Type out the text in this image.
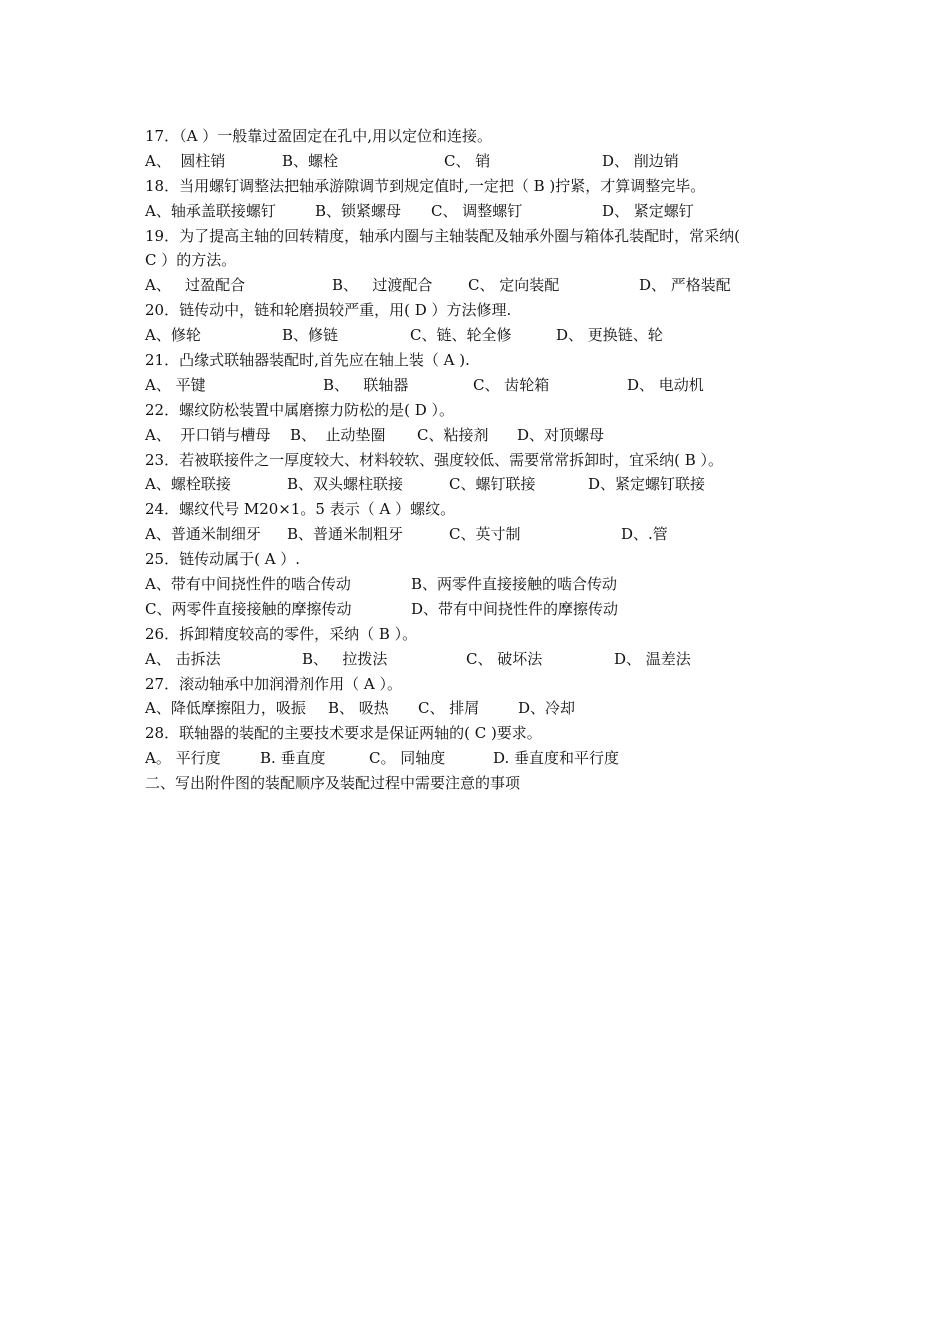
17．（A ）一般靠过盈固定在孔中,用以定位和连接。

A、  圆柱销

	B、螺栓

	C、 销

	D、 削边销

18．当用螺钉调整法把轴承游隙调节到规定值时,一定把（ B )拧紧，才算调整完毕。

A、轴承盖联接螺钉

	B、锁紧螺母

C、 调整螺钉

	D、 紧定螺钉

19．为了提高主轴的回转精度，轴承内圈与主轴装配及轴承外圈与箱体孔装配时，常采纳(
C ）的方法。

A、   过盈配合

	B、   过渡配合

C、 定向装配

	D、 严格装配

20．链传动中，链和轮磨损较严重，用( D ）方法修理.

A、修轮

	B、修链

	C、链、轮全修

	D、 更换链、轮

21．凸缘式联轴器装配时,首先应在轴上装（ A ).

A、 平键

	B、   联轴器

	C、 齿轮箱

	D、 电动机

22．螺纹防松装置中属磨擦力防松的是( D ）。

A、  开口销与槽母

B、  止动垫圈

C、粘接剂

D、对顶螺母

23．若被联接件之一厚度较大、材料较软、强度较低、需要常常拆卸时，宜采纳( B ）。

A、螺栓联接

	B、双头螺柱联接

	C、螺钉联接

	D、紧定螺钉联接

24．螺纹代号 M20×1。5 表示（ A ）螺纹。

A、普通米制细牙

B、普通米制粗牙

	C、英寸制

	D、.管

25．链传动属于( A ）.

A、带有中间挠性件的啮合传动

	B、两零件直接接触的啮合传动

C、两零件直接接触的摩擦传动

	D、带有中间挠性件的摩擦传动

26．拆卸精度较高的零件，采纳（ B ）。

A、 击拆法

	B、   拉拨法

	C、 破坏法

	D、 温差法

27．滚动轴承中加润滑剂作用（ A ）。

A、降低摩擦阻力，吸振

B、 吸热

C、 排屑

	D、冷却

28．联轴器的装配的主要技术要求是保证两轴的( C )要求。

A。 平行度

	B. 垂直度

	C。 同轴度

	D. 垂直度和平行度

二、写出附件图的装配顺序及装配过程中需要注意的事项
